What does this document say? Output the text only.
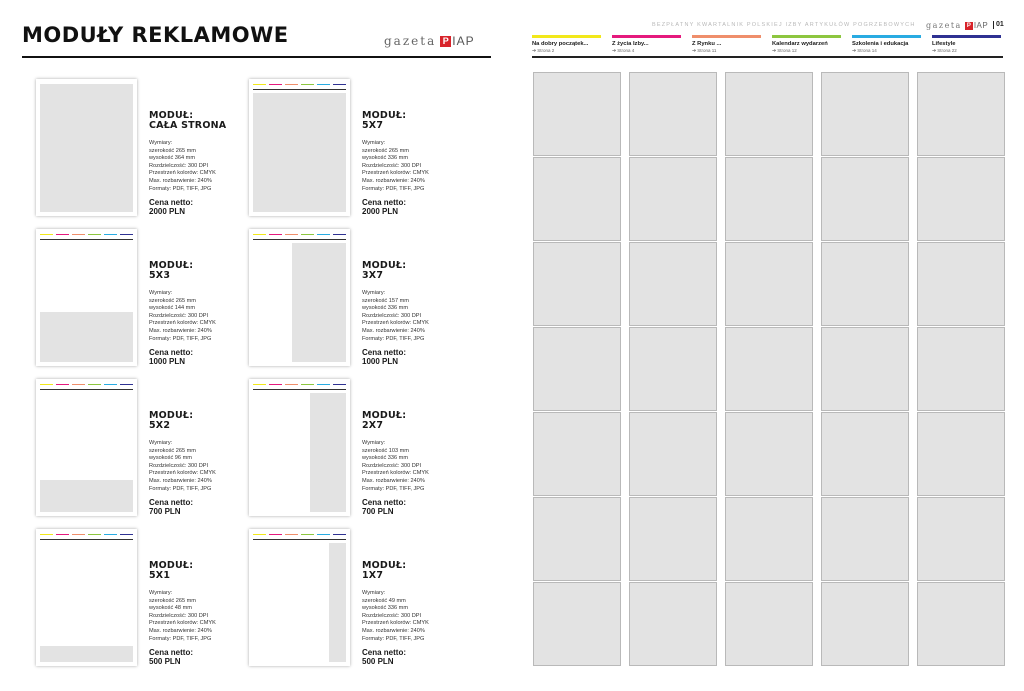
MODUŁY REKLAMOWE	gazeta P IAP
MODUŁ:
CAŁA STRONA
Wymiary:
szerokość 265 mm
wysokość 364 mm
Rozdzielczość: 300 DPI
Przestrzeń kolorów: CMYK
Max. rozbarwienie: 240%
Formaty: PDF, TIFF, JPG
Cena netto:
2000 PLN
MODUŁ:
5X7
Wymiary:
szerokość 265 mm
wysokość 336 mm
Rozdzielczość: 300 DPI
Przestrzeń kolorów: CMYK
Max. rozbarwienie: 240%
Formaty: PDF, TIFF, JPG
Cena netto:
2000 PLN
MODUŁ:
5X3
Wymiary:
szerokość 265 mm
wysokość 144 mm
Rozdzielczość: 300 DPI
Przestrzeń kolorów: CMYK
Max. rozbarwienie: 240%
Formaty: PDF, TIFF, JPG
Cena netto:
1000 PLN
MODUŁ:
3X7
Wymiary:
szerokość 157 mm
wysokość 336 mm
Rozdzielczość: 300 DPI
Przestrzeń kolorów: CMYK
Max. rozbarwienie: 240%
Formaty: PDF, TIFF, JPG
Cena netto:
1000 PLN
MODUŁ:
5X2
Wymiary:
szerokość 265 mm
wysokość 96 mm
Rozdzielczość: 300 DPI
Przestrzeń kolorów: CMYK
Max. rozbarwienie: 240%
Formaty: PDF, TIFF, JPG
Cena netto:
700 PLN
MODUŁ:
2X7
Wymiary:
szerokość 103 mm
wysokość 336 mm
Rozdzielczość: 300 DPI
Przestrzeń kolorów: CMYK
Max. rozbarwienie: 240%
Formaty: PDF, TIFF, JPG
Cena netto:
700 PLN
MODUŁ:
5X1
Wymiary:
szerokość 265 mm
wysokość 48 mm
Rozdzielczość: 300 DPI
Przestrzeń kolorów: CMYK
Max. rozbarwienie: 240%
Formaty: PDF, TIFF, JPG
Cena netto:
500 PLN
MODUŁ:
1X7
Wymiary:
szerokość 49 mm
wysokość 336 mm
Rozdzielczość: 300 DPI
Przestrzeń kolorów: CMYK
Max. rozbarwienie: 240%
Formaty: PDF, TIFF, JPG
Cena netto:
500 PLN
BEZPŁATNY KWARTALNIK POLSKIEJ IZBY ARTYKUŁÓW POGRZEBOWYCH gazeta P IAP	01
Na dobry początek...
➔Strona 2
Z życia Izby...
➔Strona 4
Z Rynku ...
➔Strona 11
Kalendarz wydarzeń
➔Strona 12
Szkolenia i edukacja
➔Strona 14
Lifestyle
➔Strona 22
